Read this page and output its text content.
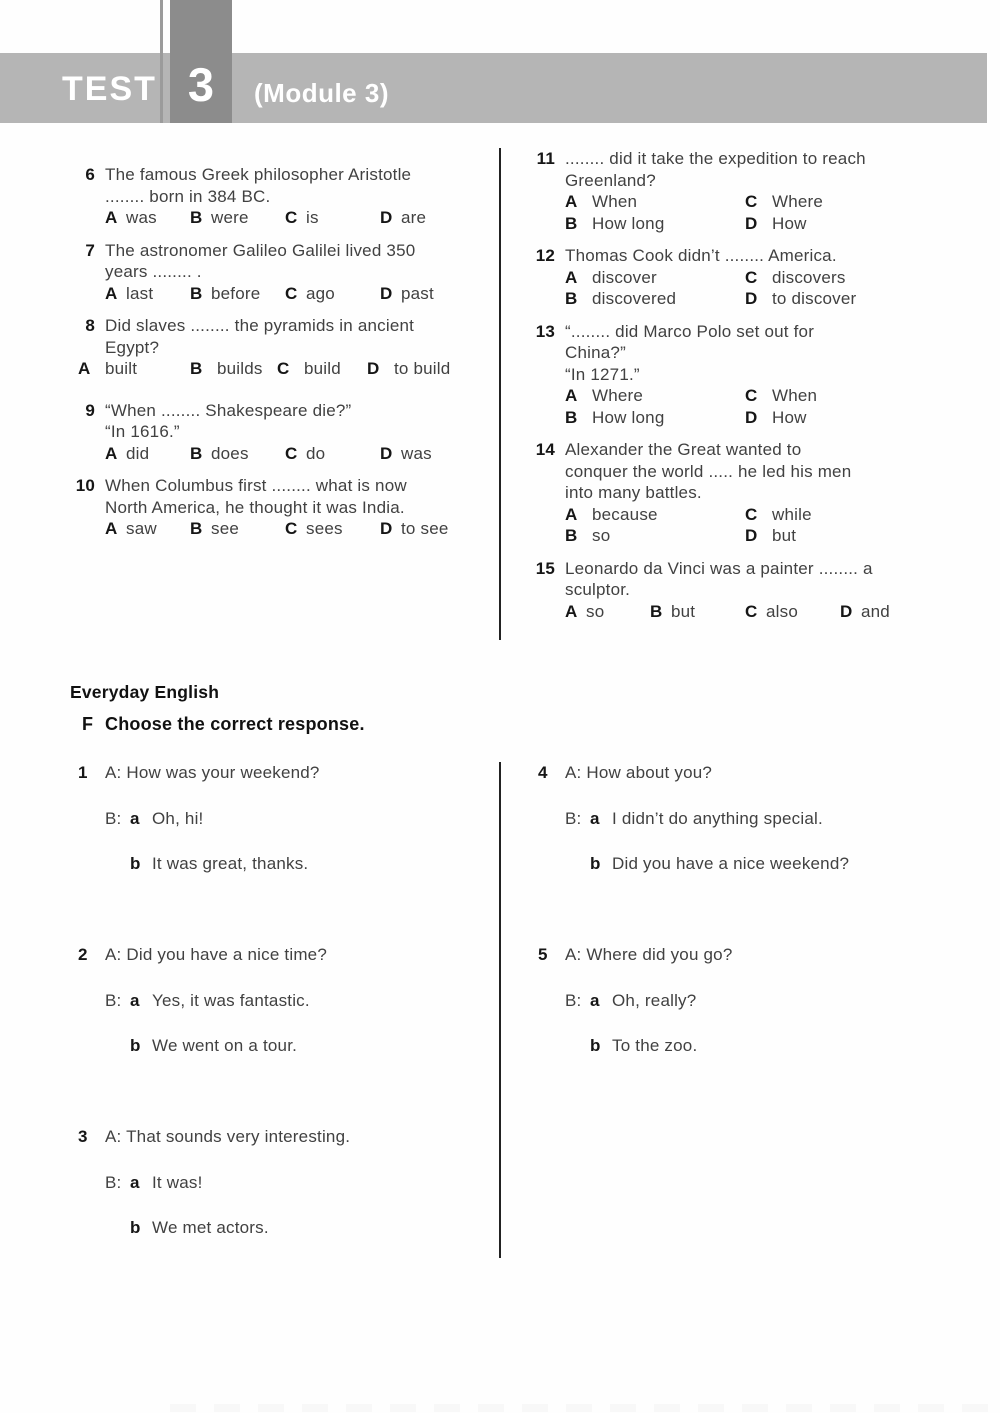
TEST 3	(Module 3)
6 The famous Greek philosopher Aristotle
........ born in 384 BC.
A was B were C is	D are
7 The astronomer Galileo Galilei lived 350
years ........ .
A last B before C ago	D past
8 Did slaves ........ the pyramids in ancient
Egypt?
A built	B builds C build D to build
9 “When ........ Shakespeare die?”
“In 1616.”
A did B does C do	D was
10 When Columbus first ........ what is now
North America, he thought it was India.
A saw B see	C sees D to see
11 ........ did it take the expedition to reach
Greenland?
A When	C Where
B How long	D How
12 Thomas Cook didn’t ........ America.
A discover	C discovers
B discovered	D to discover
13 “........ did Marco Polo set out for
China?”
“In 1271.”
A Where	C When
B How long	D How
14 Alexander the Great wanted to
conquer the world ..... he led his men
into many battles.
A because	C while
B so	D but
15 Leonardo da Vinci was a painter ........ a
sculptor.
A so	B but	C also D and
Everyday English
F Choose the correct response.
1 A: How was your weekend?
B: a Oh, hi!
b It was great, thanks.
2 A: Did you have a nice time?
B: a Yes, it was fantastic.
b We went on a tour.
3 A: That sounds very interesting.
B: a It was!
b We met actors.
4 A: How about you?
B: a I didn’t do anything special.
b Did you have a nice weekend?
5 A: Where did you go?
B: a Oh, really?
b To the zoo.
